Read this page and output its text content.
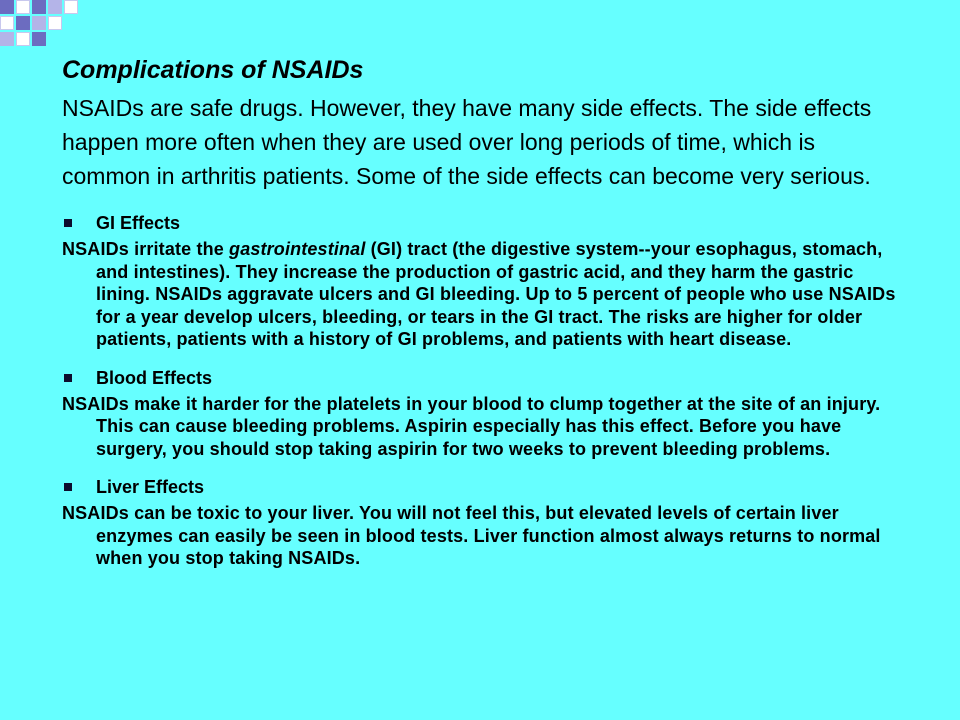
Complications of NSAIDs

NSAIDs are safe drugs. However, they have many side effects. The side effects happen more often when they are used over long periods of time, which is common in arthritis patients. Some of the side effects can become very serious.

GI Effects

NSAIDs irritate the gastrointestinal (GI) tract (the digestive system--your esophagus, stomach, and intestines). They increase the production of gastric acid, and they harm the gastric lining. NSAIDs aggravate ulcers and GI bleeding. Up to 5 percent of people who use NSAIDs for a year develop ulcers, bleeding, or tears in the GI tract. The risks are higher for older patients, patients with a history of GI problems, and patients with heart disease.

Blood Effects

NSAIDs make it harder for the platelets in your blood to clump together at the site of an injury. This can cause bleeding problems. Aspirin especially has this effect. Before you have surgery, you should stop taking aspirin for two weeks to prevent bleeding problems.

Liver Effects

NSAIDs can be toxic to your liver. You will not feel this, but elevated levels of certain liver enzymes can easily be seen in blood tests. Liver function almost always returns to normal when you stop taking NSAIDs.
